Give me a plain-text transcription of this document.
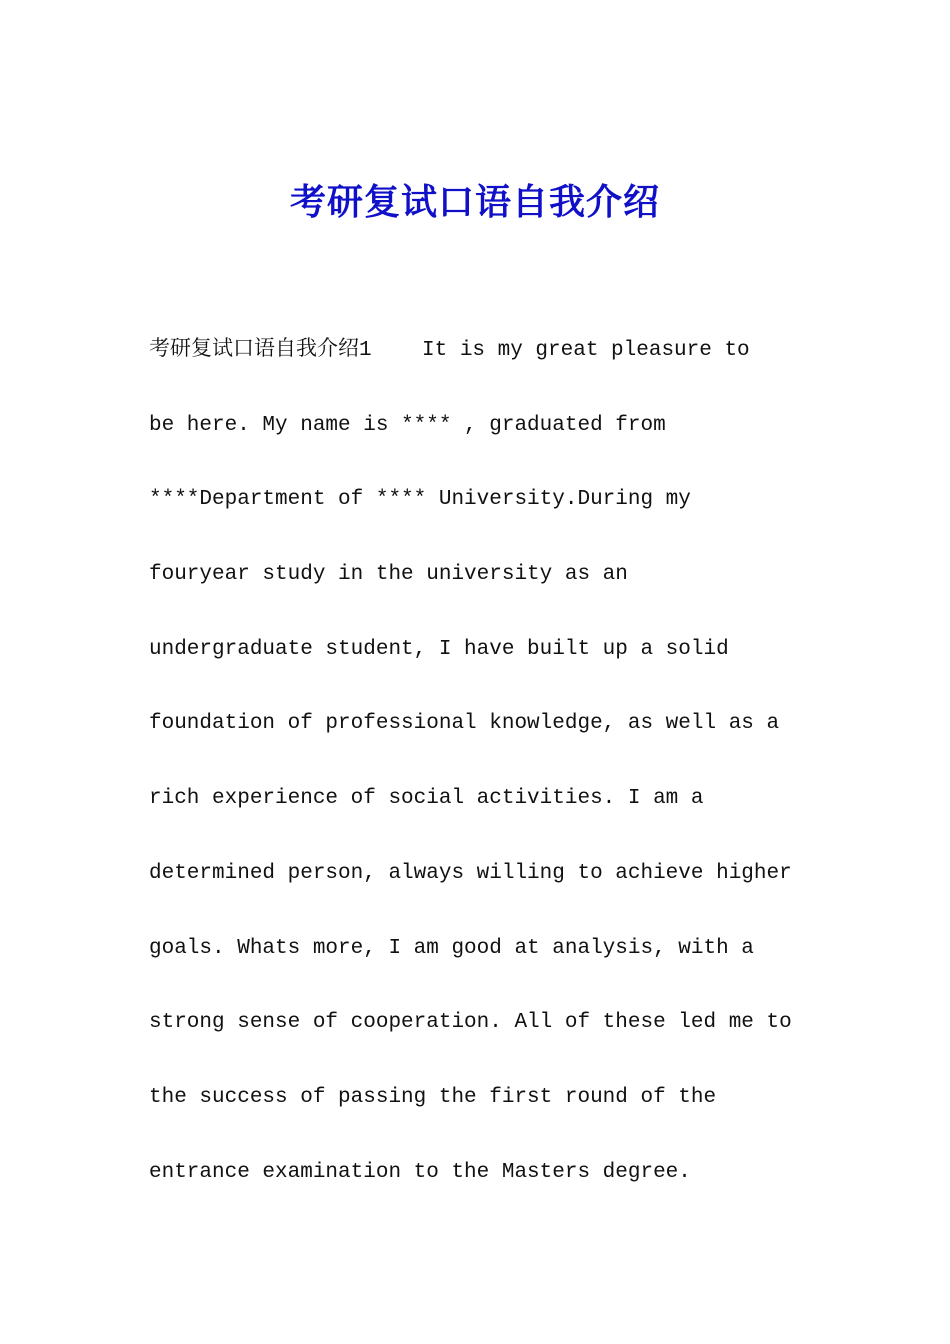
考研复试口语自我介绍
考研复试口语自我介绍1    It is my great pleasure to
be here. My name is **** , graduated from
****Department of **** University.During my
fouryear study in the university as an
undergraduate student, I have built up a solid
foundation of professional knowledge, as well as a
rich experience of social activities. I am a
determined person, always willing to achieve higher
goals. Whats more, I am good at analysis, with a
strong sense of cooperation. All of these led me to
the success of passing the first round of the
entrance examination to the Masters degree.
